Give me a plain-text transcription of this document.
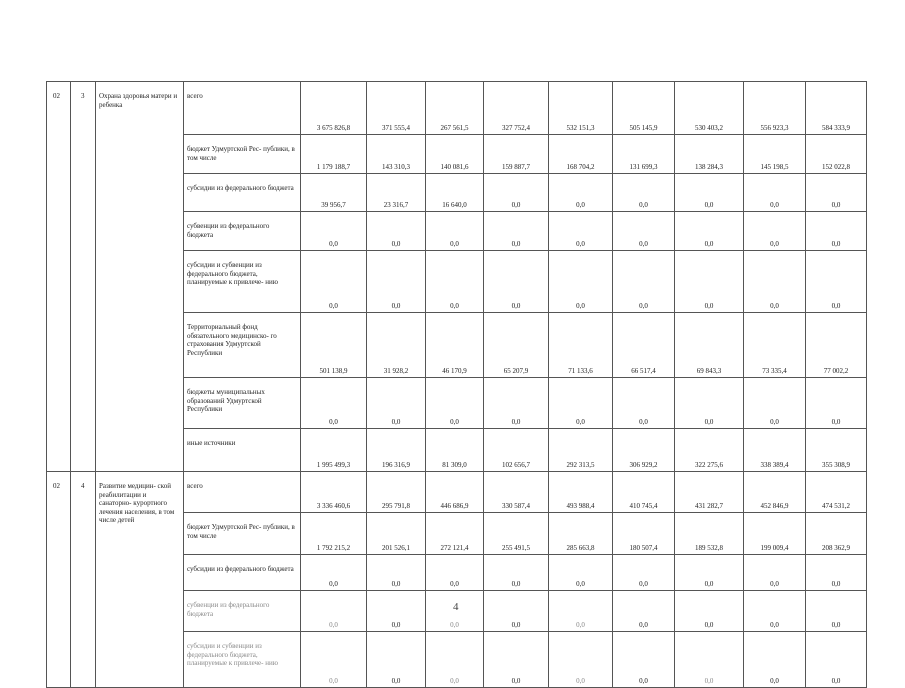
02	3	Охрана здоровья матери и ребенка	всего	3 675 826,8	371 555,4	267 561,5	327 752,4	532 151,3	505 145,9	530 403,2	556 923,3	584 333,9
			бюджет Удмуртской Рес- публики, в том числе	1 179 188,7	143 310,3	140 081,6	159 887,7	168 704,2	131 699,3	138 284,3	145 198,5	152 022,8
			субсидии из федерального бюджета	39 956,7	23 316,7	16 640,0	0,0	0,0	0,0	0,0	0,0	0,0
			субвенции из федерального бюджета	0,0	0,0	0,0	0,0	0,0	0,0	0,0	0,0	0,0
			субсидии и субвенции из федерального бюджета, планируемые к привлече- нию	0,0	0,0	0,0	0,0	0,0	0,0	0,0	0,0	0,0
			Территориальный фонд обязательного медицинско- го страхования Удмуртской Республики	501 138,9	31 928,2	46 170,9	65 207,9	71 133,6	66 517,4	69 843,3	73 335,4	77 002,2
			бюджеты муниципальных образований Удмуртской Республики	0,0	0,0	0,0	0,0	0,0	0,0	0,0	0,0	0,0
			иные источники	1 995 499,3	196 316,9	81 309,0	102 656,7	292 313,5	306 929,2	322 275,6	338 389,4	355 308,9
02	4	Развитие медицин- ской реабилитации и санаторно- курортного лечения населения, в том числе детей	всего	3 336 460,6	295 791,8	446 686,9	330 587,4	493 988,4	410 745,4	431 282,7	452 846,9	474 531,2
			бюджет Удмуртской Рес- публики, в том числе	1 792 215,2	201 526,1	272 121,4	255 491,5	285 663,8	180 507,4	189 532,8	199 009,4	208 362,9
			субсидии из федерального бюджета	0,0	0,0	0,0	0,0	0,0	0,0	0,0	0,0	0,0
			субвенции из федерального бюджета	0,0	0,0	0,0	0,0	0,0	0,0	0,0	0,0	0,0
			субсидии и субвенции из федерального бюджета, планируемые к привлече- нию	0,0	0,0	0,0	0,0	0,0	0,0	0,0	0,0	0,0
4
